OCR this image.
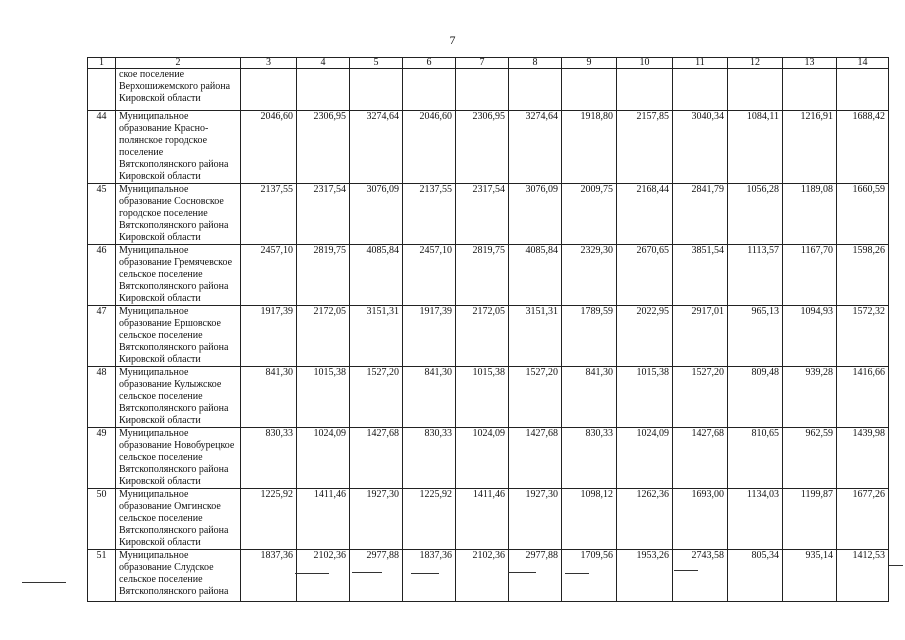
7
1	2	3	4	5	6	7	8	9	10	11	12	13	14
	ское поселение Верхошижемского района Кировской области												
44	Муниципальное образование Краснополянское городское поселение Вятскополянского района Кировской области	2046,60	2306,95	3274,64	2046,60	2306,95	3274,64	1918,80	2157,85	3040,34	1084,11	1216,91	1688,42
45	Муниципальное образование Сосновское городское поселение Вятскополянского района Кировской области	2137,55	2317,54	3076,09	2137,55	2317,54	3076,09	2009,75	2168,44	2841,79	1056,28	1189,08	1660,59
46	Муниципальное образование Гремячевское сельское поселение Вятскополянского района Кировской области	2457,10	2819,75	4085,84	2457,10	2819,75	4085,84	2329,30	2670,65	3851,54	1113,57	1167,70	1598,26
47	Муниципальное образование Ершовское сельское поселение Вятскополянского района Кировской области	1917,39	2172,05	3151,31	1917,39	2172,05	3151,31	1789,59	2022,95	2917,01	965,13	1094,93	1572,32
48	Муниципальное образование Кулыжское сельское поселение Вятскополянского района Кировской области	841,30	1015,38	1527,20	841,30	1015,38	1527,20	841,30	1015,38	1527,20	809,48	939,28	1416,66
49	Муниципальное образование Новобурецкое сельское поселение Вятскополянского района Кировской области	830,33	1024,09	1427,68	830,33	1024,09	1427,68	830,33	1024,09	1427,68	810,65	962,59	1439,98
50	Муниципальное образование Омгинское сельское поселение Вятскополянского района Кировской области	1225,92	1411,46	1927,30	1225,92	1411,46	1927,30	1098,12	1262,36	1693,00	1134,03	1199,87	1677,26
51	Муниципальное образование Слудское сельское поселение Вятскополянского района	1837,36	2102,36	2977,88	1837,36	2102,36	2977,88	1709,56	1953,26	2743,58	805,34	935,14	1412,53
